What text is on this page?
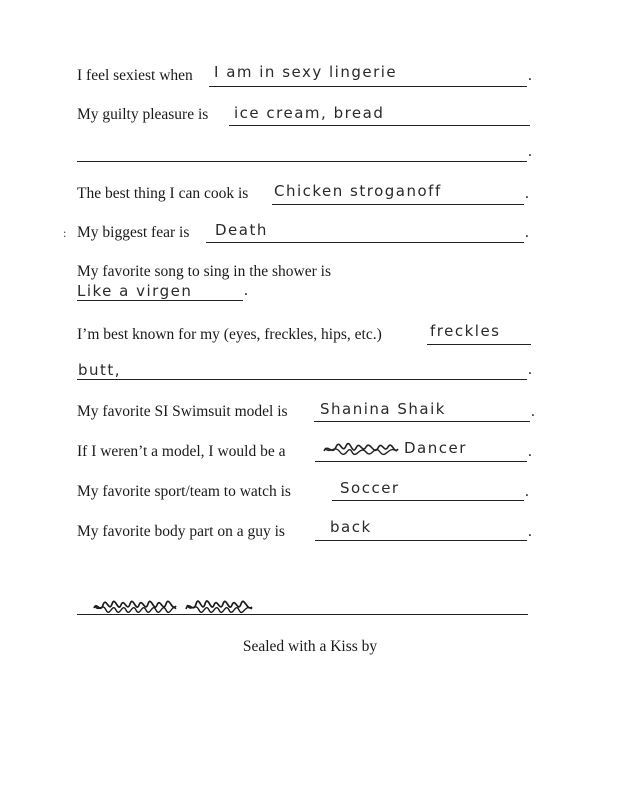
:
I feel sexiest when I am in sexy lingerie	.
My guilty pleasure is ice cream, bread
.
The best thing I can cook is Chicken stroganoff	.
My biggest fear is Death	.
My favorite song to sing in the shower is
Like a virgen	.
I’m best known for my (eyes, freckles, hips, etc.)	freckles
butt,	.
My favorite SI Swimsuit model is Shanina Shaik	.
If I weren’t a model, I would be a	Dancer	.
My favorite sport/team to watch is	Soccer	.
My favorite body part on a guy is	back	.
Sealed with a Kiss by
